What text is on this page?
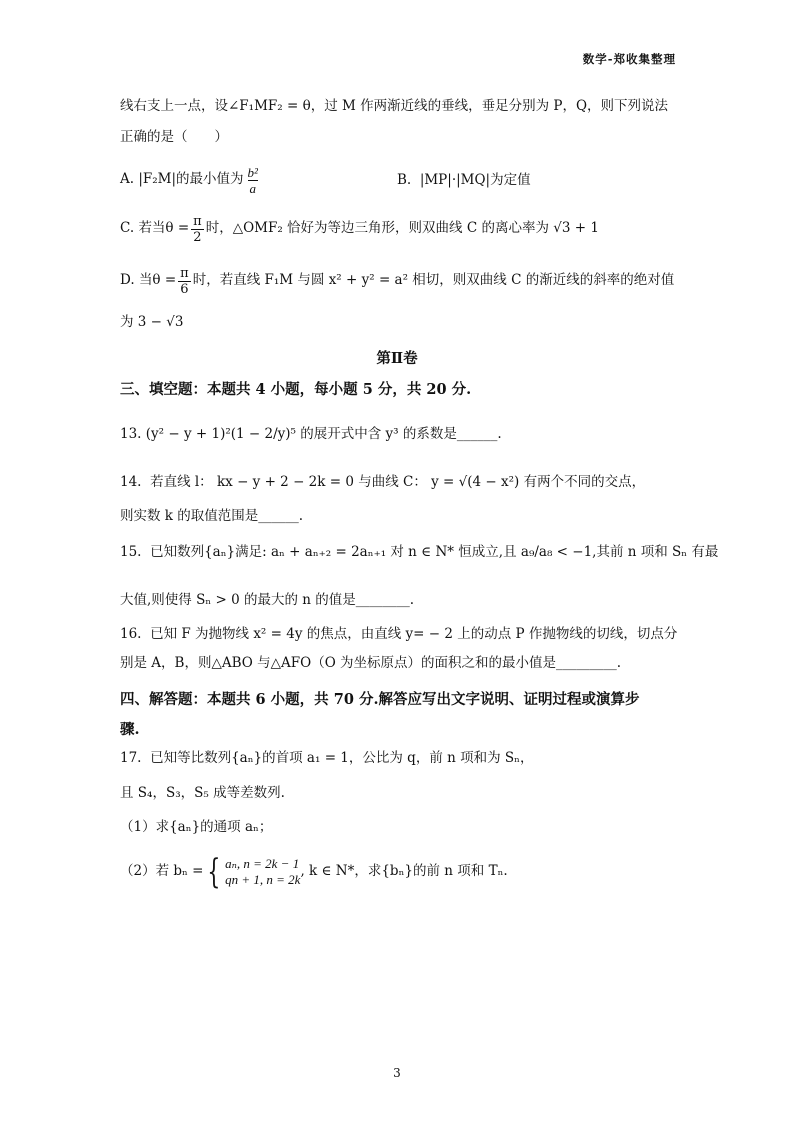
数学-郑收集整理
线右支上一点，设∠F₁MF₂ = θ，过 M 作两渐近线的垂线，垂足分别为 P，Q，则下列说法
正确的是（　　）
A.
|F₂M|的最小值为 $\frac{\text{b²}}{a}$	B. |MP|·|MQ|为定值
C.
若当$\theta = \frac{\pi}{2}$ 时，△OMF₂ 恰好为等边三角形，则双曲线 C 的离心率为 √3 + 1
D.
当$\theta = \frac{\pi}{6}$ 时，若直线 F₁M 与圆 x² + y² = a² 相切，则双曲线 C 的渐近线的斜率的绝对值
为 3 − √3
第Ⅱ卷
三、填空题：本题共 4 小题，每小题 5 分，共 20 分.
13.
(y² − y + 1)²(1 − 2/y)⁵ 的展开式中含 y³ 的系数是______.
14. 若直线 l： kx − y + 2 − 2k = 0 与曲线 C： y = √(4 − x²) 有两个不同的交点，
则实数 k 的取值范围是______.
15. 已知数列{aₙ}满足: aₙ + aₙ₊₂ = 2aₙ₊₁ 对 n ∈ N* 恒成立,且 a₉/a₈ < −1,其前 n 项和 Sₙ 有最
大值,则使得 Sₙ > 0 的最大的 n 的值是________.
16. 已知 F 为抛物线 x² = 4y 的焦点，由直线 y= − 2 上的动点 P 作抛物线的切线，切点分
别是 A，B，则△ABO 与△AFO（O 为坐标原点）的面积之和的最小值是_________.
四、解答题：本题共 6 小题，共 70 分.解答应写出文字说明、证明过程或演算步
骤.
17. 已知等比数列{aₙ}的首项 a₁ = 1，公比为 q，前 n 项和为 Sₙ，
且 S₄，S₃，S₅ 成等差数列.
（1）求{aₙ}的通项 aₙ；
（2）若 bₙ = { aₙ, n = 2k − 1
qn + 1, n = 2k
, k ∈ N*，求{bₙ}的前 n 项和 Tₙ.
3
